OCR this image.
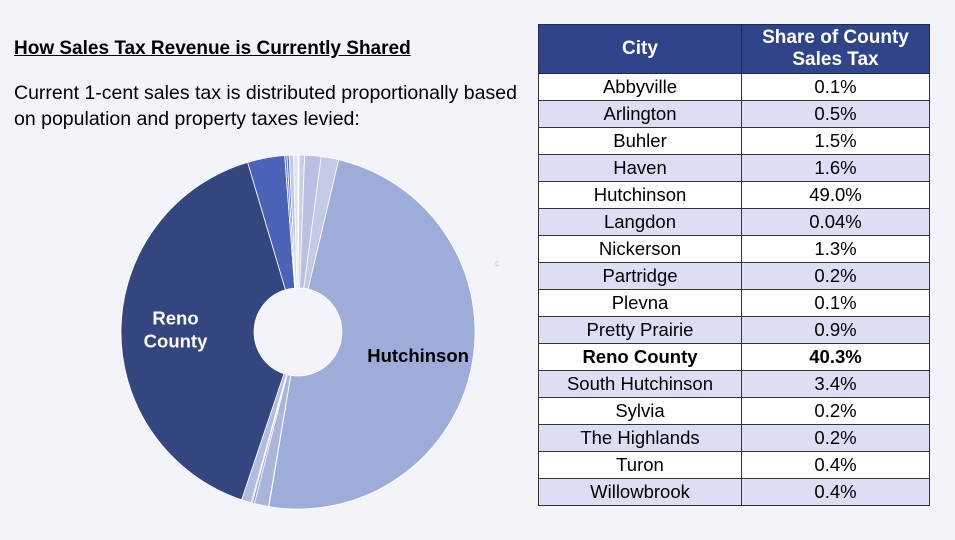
How Sales Tax Revenue is Currently Shared
Current 1-cent sales tax is distributed proportionally based on population and property taxes levied:
Hutchinson
Reno County
c
City	Share of County Sales Tax
Abbyville	0.1%
Arlington	0.5%
Buhler	1.5%
Haven	1.6%
Hutchinson	49.0%
Langdon	0.04%
Nickerson	1.3%
Partridge	0.2%
Plevna	0.1%
Pretty Prairie	0.9%
Reno County	40.3%
South Hutchinson	3.4%
Sylvia	0.2%
The Highlands	0.2%
Turon	0.4%
Willowbrook	0.4%
